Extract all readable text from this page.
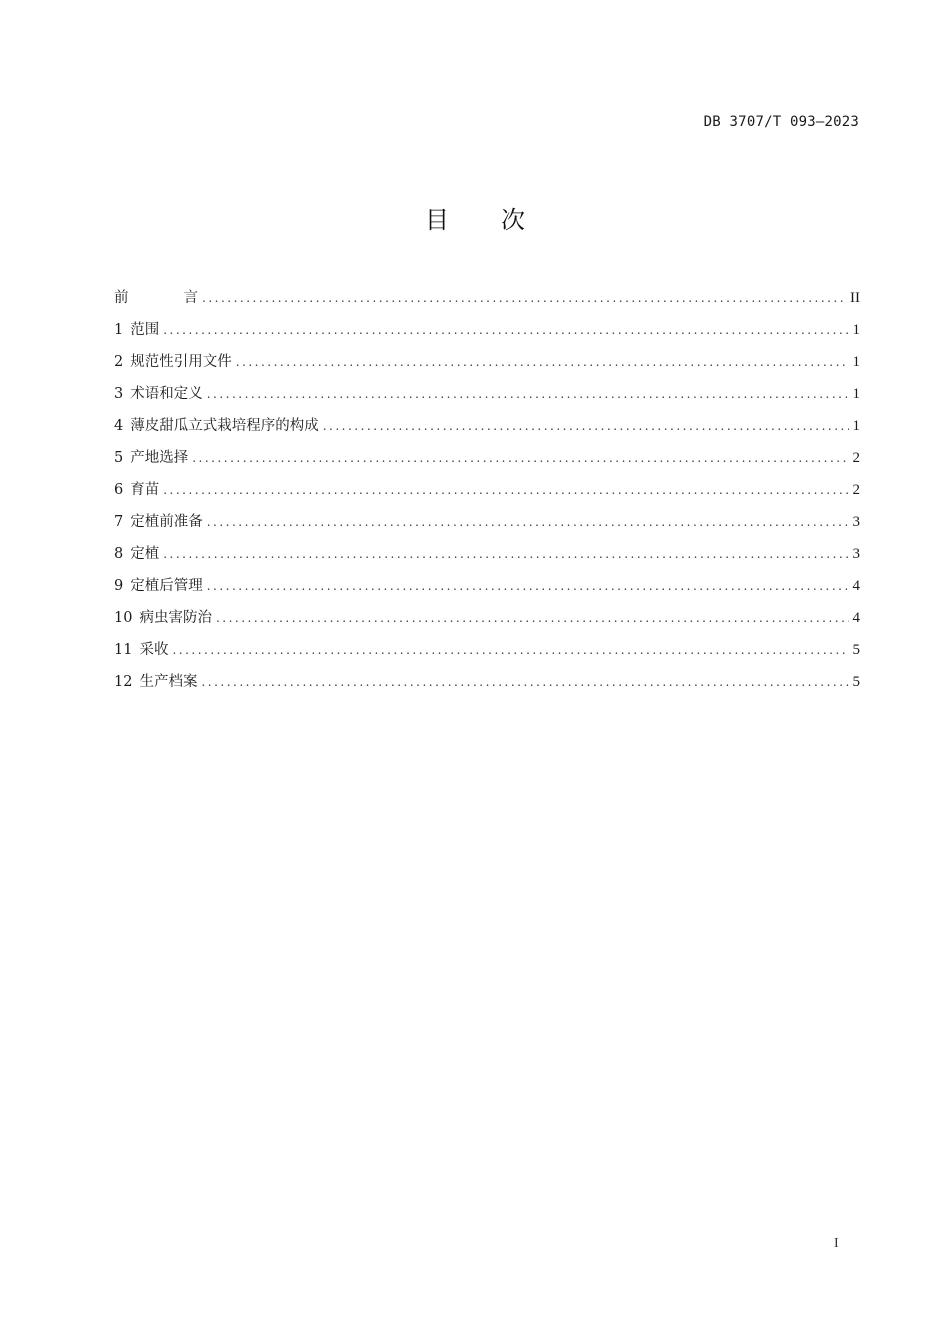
DB 3707/T 093—2023
目 次
前	言 .....	II
1 范围 .....	1
2 规范性引用文件 .....	1
3 术语和定义 .....	1
4 薄皮甜瓜立式栽培程序的构成 .....	1
5 产地选择 .....	2
6 育苗 .....	2
7 定植前准备 .....	3
8 定植 .....	3
9 定植后管理 .....	4
10 病虫害防治 .....	4
11 采收 .....	5
12 生产档案 .....	5
I
